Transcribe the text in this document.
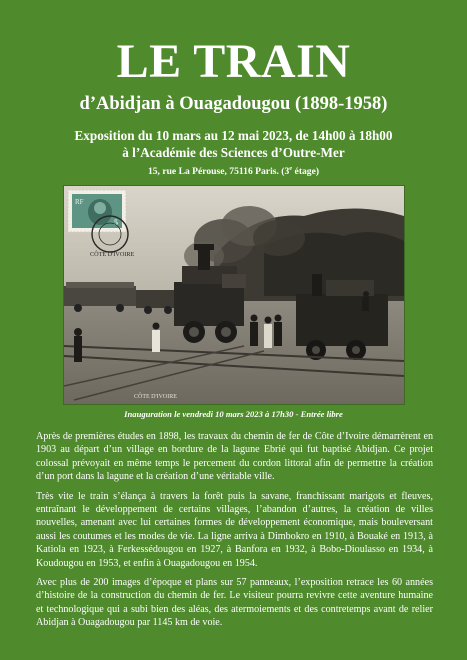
LE TRAIN
d’Abidjan à Ouagadougou (1898-1958)
Exposition du 10 mars au 12 mai 2023, de 14h00 à 18h00
à l’Académie des Sciences d’Outre-Mer
15, rue La Pérouse, 75116 Paris. (3e étage)
RF
5
CÔTE D'IVOIRE
CÔTE D'IVOIRE
Inauguration le vendredi 10 mars 2023 à 17h30 - Entrée libre

Après de premières études en 1898, les travaux du chemin de fer de Côte d’Ivoire démarrèrent en 1903 au départ d’un village en bordure de la lagune Ebrié qui fut baptisé Abidjan. Ce projet colossal prévoyait en même temps le percement du cordon littoral afin de permettre la création d’un port dans la lagune et la création d’une véritable ville.

Très vite le train s’élança à travers la forêt puis la savane, franchissant marigots et fleuves, entraînant le développement de certains villages, l’abandon d’autres, la création de villes nouvelles, amenant avec lui certaines formes de développement économique, mais bouleversant aussi les coutumes et les modes de vie. La ligne arriva à Dimbokro en 1910, à Bouaké en 1913, à Katiola en 1923, à Ferkessédougou en 1927, à Banfora en 1932, à Bobo-Dioulasso en 1934, à Koudougou en 1953, et enfin à Ouagadougou en 1954.

Avec plus de 200 images d’époque et plans sur 57 panneaux, l’exposition retrace les 60 années d’histoire de la construction du chemin de fer. Le visiteur pourra revivre cette aventure humaine et technologique qui a subi bien des aléas, des atermoiements et des contretemps avant de relier Abidjan à Ouagadougou par 1145 km de voie.
